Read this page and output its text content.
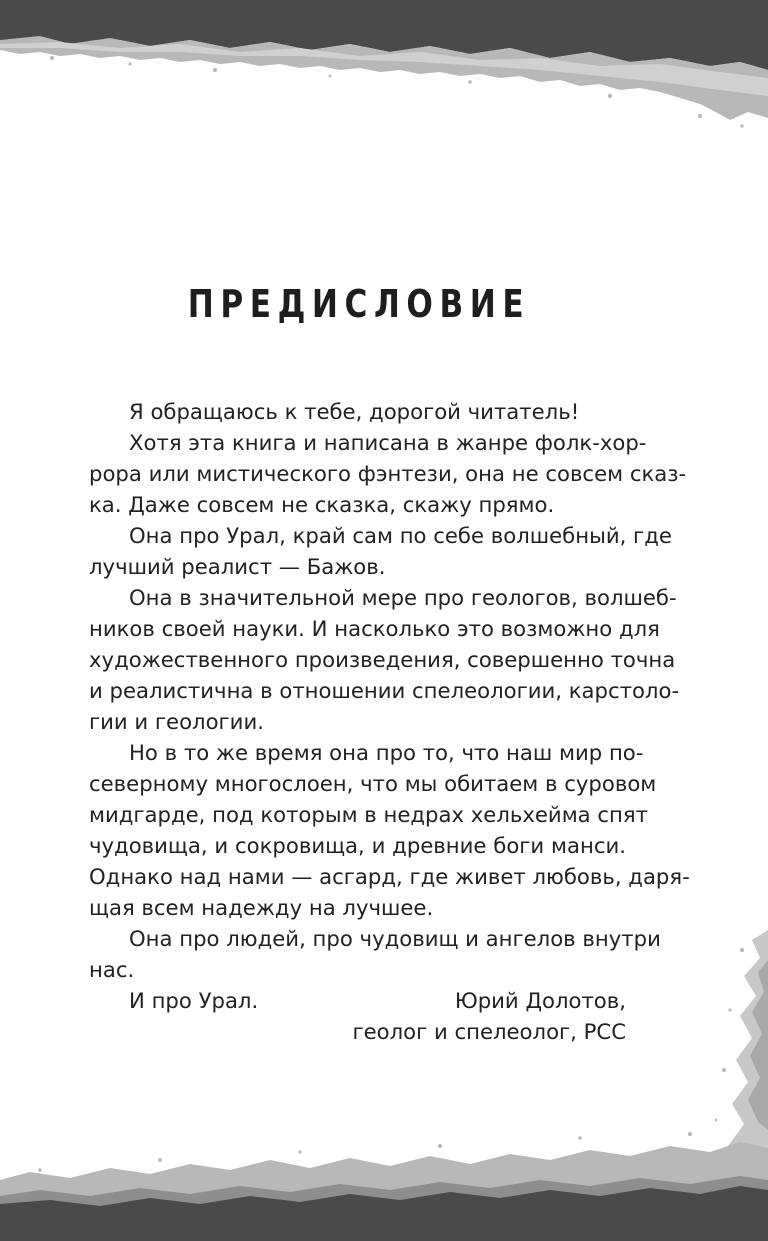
ПРЕДИСЛОВИЕ

Я обращаюсь к тебе, дорогой читатель!

Хотя эта книга и написана в жанре фолк-хор-
рора или мистического фэнтези, она не совсем сказ-
ка. Даже совсем не сказка, скажу прямо.

Она про Урал, край сам по себе волшебный, где
лучший реалист — Бажов.

Она в значительной мере про геологов, волшеб-
ников своей науки. И насколько это возможно для
художественного произведения, совершенно точна
и реалистична в отношении спелеологии, карстоло-
гии и геологии.

Но в то же время она про то, что наш мир по-
северному многослоен, что мы обитаем в суровом
мидгарде, под которым в недрах хельхейма спят
чудовища, и сокровища, и древние боги манси.
Однако над нами — асгард, где живет любовь, даря-
щая всем надежду на лучшее.

Она про людей, про чудовищ и ангелов внутри
нас.

И про Урал.	Юрий Долотов,
геолог и спелеолог, РСС
